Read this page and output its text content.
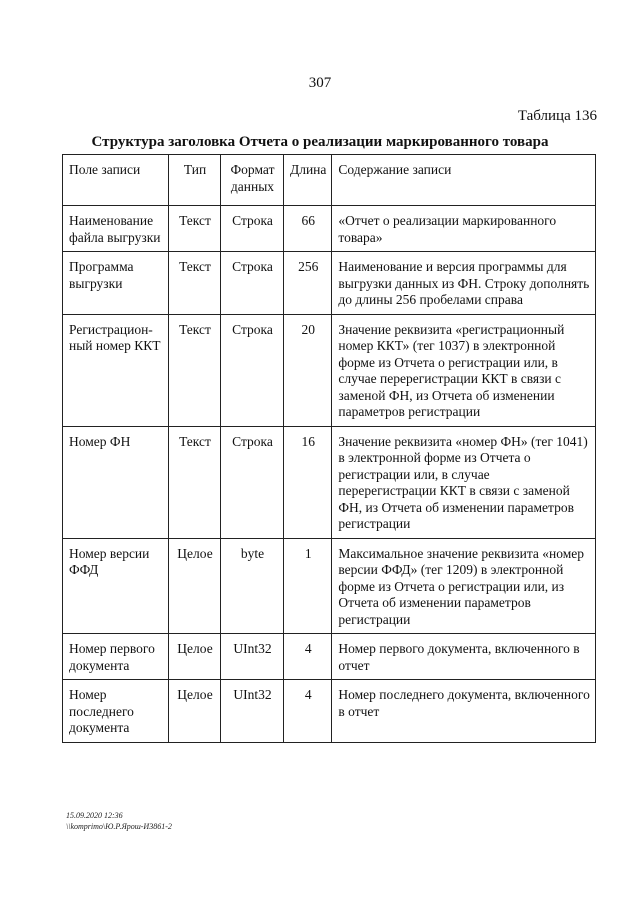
307
Таблица 136
Структура заголовка Отчета о реализации маркированного товара
Поле записи	Тип	Формат данных	Длина	Содержание записи
Наименование файла выгрузки	Текст	Строка	66	«Отчет о реализации маркированного товара»
Программа выгрузки	Текст	Строка	256	Наименование и версия программы для выгрузки данных из ФН. Строку дополнять до длины 256 пробелами справа
Регистрацион-ный номер ККТ	Текст	Строка	20	Значение реквизита «регистрационный номер ККТ» (тег 1037) в электронной форме из Отчета о регистрации или, в случае перерегистрации ККТ в связи с заменой ФН, из Отчета об изменении параметров регистрации
Номер ФН	Текст	Строка	16	Значение реквизита «номер ФН» (тег 1041) в электронной форме из Отчета о регистрации или, в случае перерегистрации ККТ в связи с заменой ФН, из Отчета об изменении параметров регистрации
Номер версии ФФД	Целое	byte	1	Максимальное значение реквизита «номер версии ФФД» (тег 1209) в электронной форме из Отчета о регистрации или, из Отчета об изменении параметров регистрации
Номер первого документа	Целое	UInt32	4	Номер первого документа, включенного в отчет
Номер последнего документа	Целое	UInt32	4	Номер последнего документа, включенного в отчет
15.09.2020 12:36
\\komprimo\Ю.Р.Ярош-И3861-2
